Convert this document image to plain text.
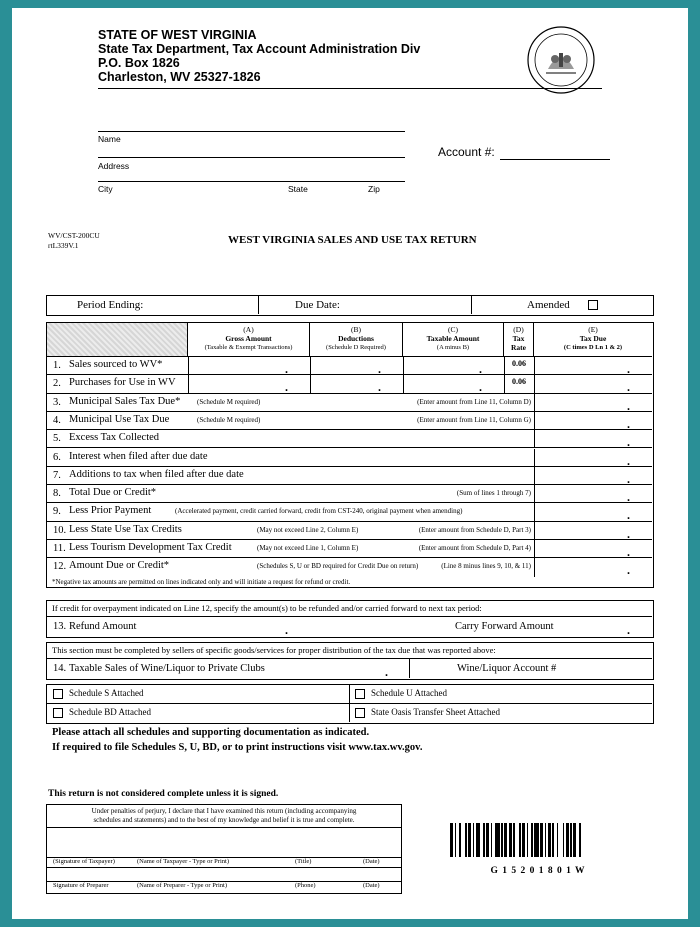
STATE OF WEST VIRGINIA
State Tax Department, Tax Account Administration Div
P.O. Box 1826
Charleston, WV 25327-1826
Name
Address
City	State	Zip
Account #:
WV/CST-200CU
rtL339V.1	WEST VIRGINIA SALES AND USE TAX RETURN
Period Ending:	Due Date:	Amended
(A)
Gross Amount
(Taxable & Exempt Transactions)
(B)
Deductions
(Schedule D Required)
(C)
Taxable Amount
(A minus B)
(D)
Tax
Rate
(E)
Tax Due
(C times D Ln 1 & 2)
1. Sales sourced to WV*	.	.	.	0.06	.
2. Purchases for Use in WV	.	.	.	0.06	.
3. Municipal Sales Tax Due* (Schedule M required)	(Enter amount from Line 11, Column D)	.
4. Municipal Use Tax Due	(Schedule M required)	(Enter amount from Line 11, Column G)	.
5. Excess Tax Collected	.
6. Interest when filed after due date	.
7. Additions to tax when filed after due date	.
8. Total Due or Credit*	(Sum of lines 1 through 7)	.
9. Less Prior Payment	(Accelerated payment, credit carried forward, credit from CST-240, original payment when amending)	.
10. Less State Use Tax Credits	(May not exceed Line 2, Column E)	(Enter amount from Schedule D, Part 3)	.
11. Less Tourism Development Tax Credit	(May not exceed Line 1, Column E)	(Enter amount from Schedule D, Part 4)	.
12. Amount Due or Credit*	(Schedules S, U or BD required for Credit Due on return)	(Line 8 minus lines 9, 10, & 11)	.
*Negative tax amounts are permitted on lines indicated only and will initiate a request for refund or credit.
If credit for overpayment indicated on Line 12, specify the amount(s) to be refunded and/or carried forward to next tax period:
13. Refund Amount	.	Carry Forward Amount	.
This section must be completed by sellers of specific goods/services for proper distribution of the tax due that was reported above:
14. Taxable Sales of Wine/Liquor to Private Clubs	.	Wine/Liquor Account #
Schedule S Attached	Schedule U Attached
Schedule BD Attached	State Oasis Transfer Sheet Attached
Please attach all schedules and supporting documentation as indicated.
If required to file Schedules S, U, BD, or to print instructions visit www.tax.wv.gov.
This return is not considered complete unless it is signed.
Under penalties of perjury, I declare that I have examined this return (including accompanying
schedules and statements) and to the best of my knowledge and belief it is true and complete.
(Signature of Taxpayer)	(Name of Taxpayer - Type or Print)	(Title)	(Date)
Signature of Preparer	(Name of Preparer - Type or Print)	(Phone)	(Date)
G 1 5 2 0 1 8 0 1 W
